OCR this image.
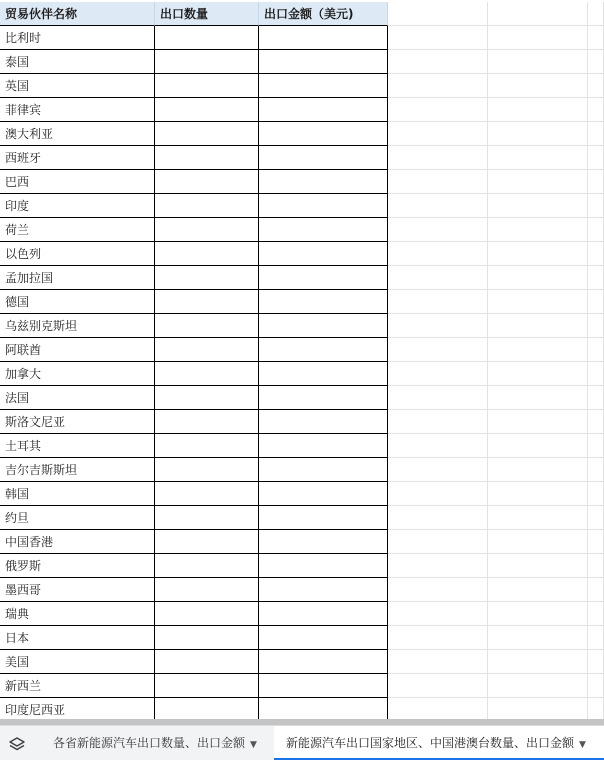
贸易伙伴名称	出口数量	出口金额（美元)
比利时
泰国
英国
菲律宾
澳大利亚
西班牙
巴西
印度
荷兰
以色列
孟加拉国
德国
乌兹别克斯坦
阿联酋
加拿大
法国
斯洛文尼亚
土耳其
吉尔吉斯斯坦
韩国
约旦
中国香港
俄罗斯
墨西哥
瑞典
日本
美国
新西兰
印度尼西亚
各省新能源汽车出口数量、出口金额 ▼	新能源汽车出口国家地区、中国港澳台数量、出口金额 ▼
